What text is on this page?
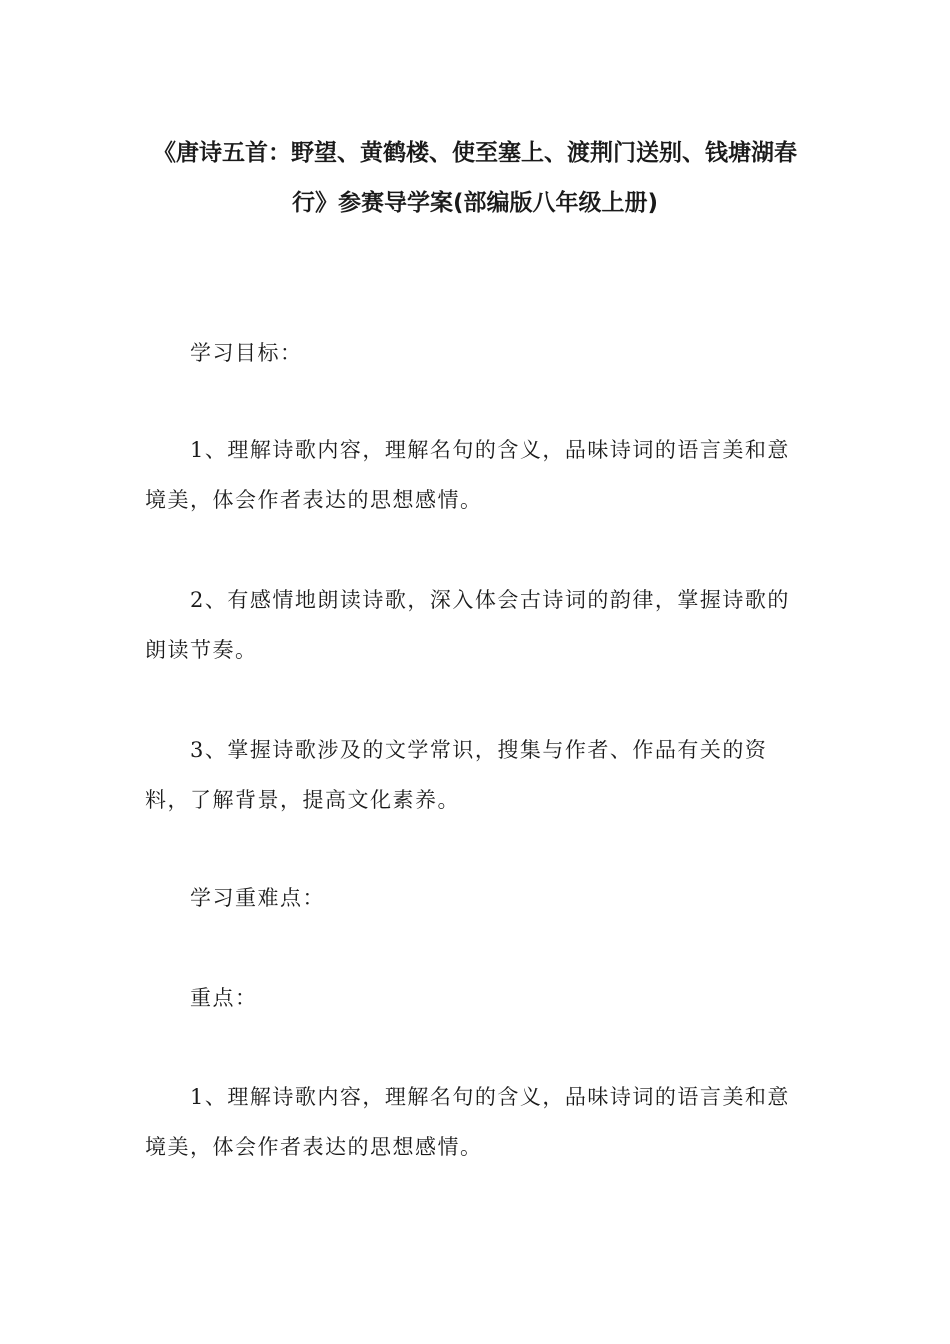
《唐诗五首：野望、黄鹤楼、使至塞上、渡荆门送别、钱塘湖春行》参赛导学案(部编版八年级上册)

学习目标：

1、理解诗歌内容，理解名句的含义，品味诗词的语言美和意境美，体会作者表达的思想感情。

2、有感情地朗读诗歌，深入体会古诗词的韵律，掌握诗歌的朗读节奏。

3、掌握诗歌涉及的文学常识，搜集与作者、作品有关的资料，了解背景，提高文化素养。

学习重难点：

重点：

1、理解诗歌内容，理解名句的含义，品味诗词的语言美和意境美，体会作者表达的思想感情。
